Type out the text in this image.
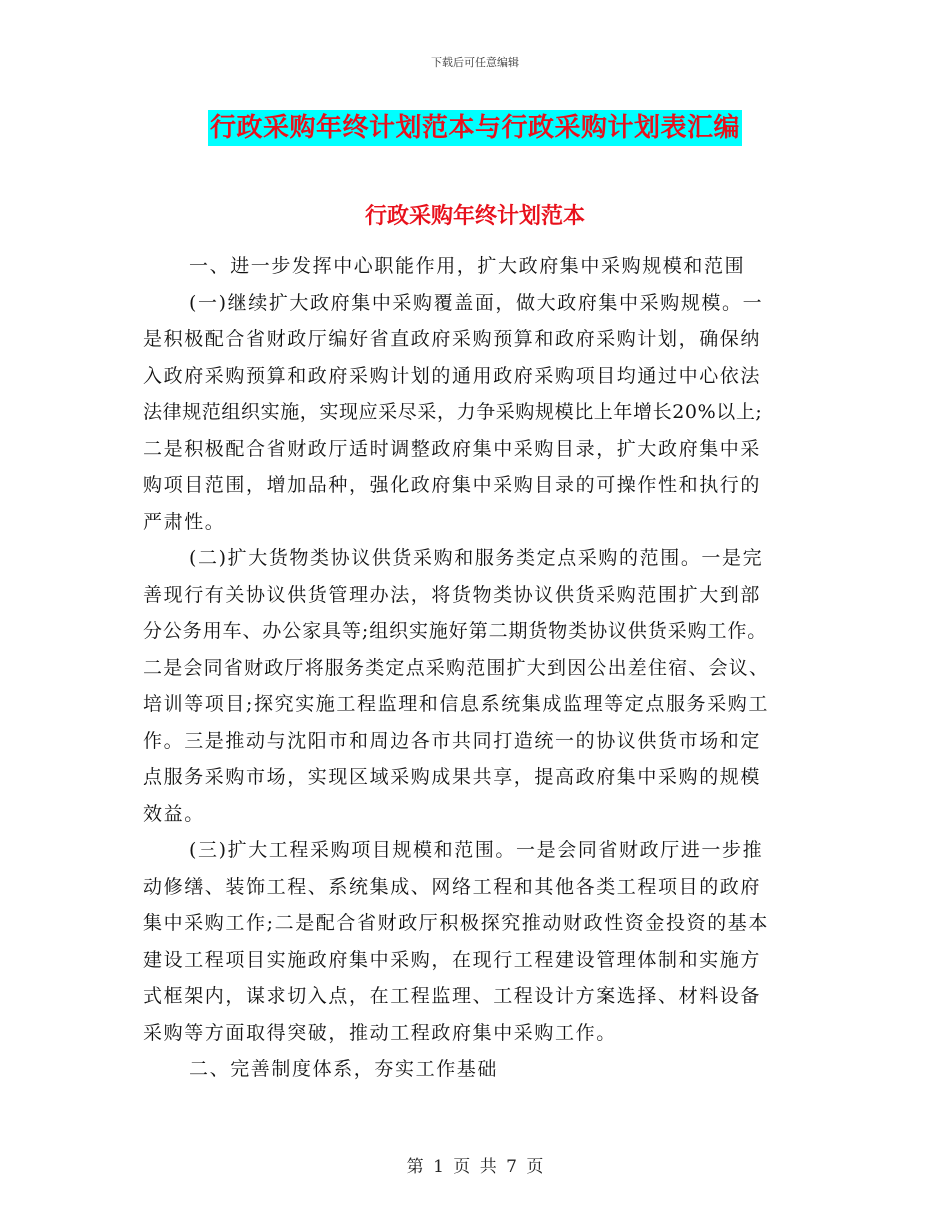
下载后可任意编辑
行政采购年终计划范本与行政采购计划表汇编
行政采购年终计划范本
一、进一步发挥中心职能作用，扩大政府集中采购规模和范围
(一)继续扩大政府集中采购覆盖面，做大政府集中采购规模。一
是积极配合省财政厅编好省直政府采购预算和政府采购计划，确保纳
入政府采购预算和政府采购计划的通用政府采购项目均通过中心依法
法律规范组织实施，实现应采尽采，力争采购规模比上年增长20%以上;
二是积极配合省财政厅适时调整政府集中采购目录，扩大政府集中采
购项目范围，增加品种，强化政府集中采购目录的可操作性和执行的
严肃性。
(二)扩大货物类协议供货采购和服务类定点采购的范围。一是完
善现行有关协议供货管理办法，将货物类协议供货采购范围扩大到部
分公务用车、办公家具等;组织实施好第二期货物类协议供货采购工作。
二是会同省财政厅将服务类定点采购范围扩大到因公出差住宿、会议、
培训等项目;探究实施工程监理和信息系统集成监理等定点服务采购工
作。三是推动与沈阳市和周边各市共同打造统一的协议供货市场和定
点服务采购市场，实现区域采购成果共享，提高政府集中采购的规模
效益。
(三)扩大工程采购项目规模和范围。一是会同省财政厅进一步推
动修缮、装饰工程、系统集成、网络工程和其他各类工程项目的政府
集中采购工作;二是配合省财政厅积极探究推动财政性资金投资的基本
建设工程项目实施政府集中采购，在现行工程建设管理体制和实施方
式框架内，谋求切入点，在工程监理、工程设计方案选择、材料设备
采购等方面取得突破，推动工程政府集中采购工作。
二、完善制度体系，夯实工作基础
第 1 页 共 7 页
